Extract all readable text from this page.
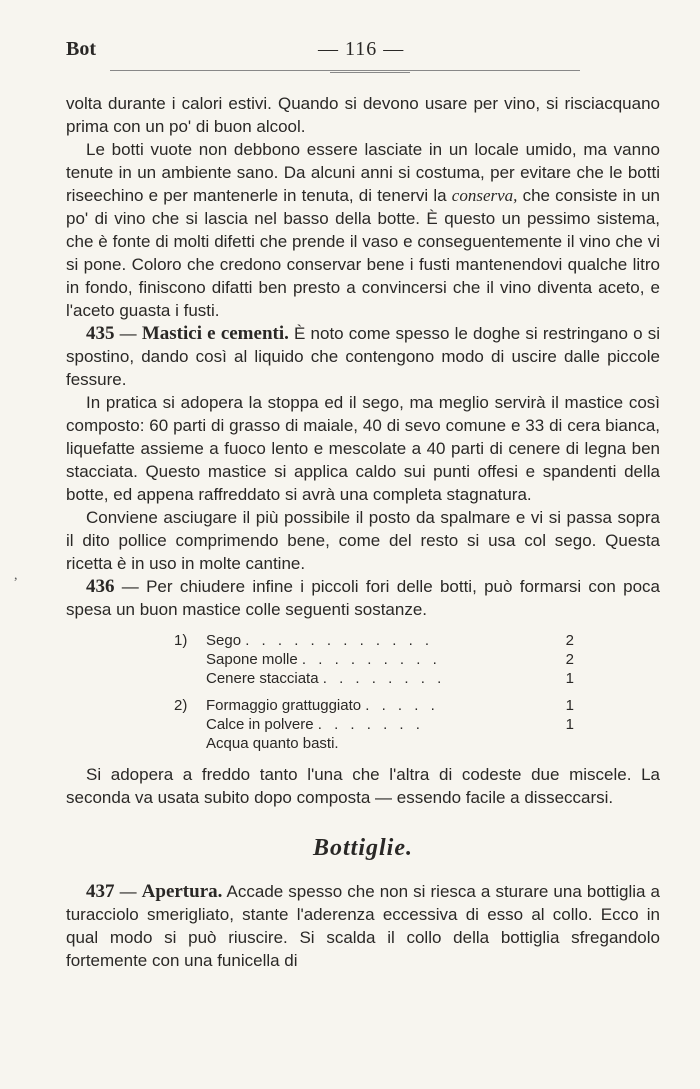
Bot	— 116 —
,

volta durante i calori estivi. Quando si devono usare per vino, si risciacquano prima con un po' di buon alcool.

Le botti vuote non debbono essere lasciate in un locale umido, ma vanno tenute in un ambiente sano. Da alcuni anni si costuma, per evitare che le botti riseechino e per mantenerle in tenuta, di tenervi la conserva, che consiste in un po' di vino che si lascia nel basso della botte. È questo un pessimo sistema, che è fonte di molti difetti che prende il vaso e conseguentemente il vino che vi si pone. Coloro che credono conservar bene i fusti mantenendovi qualche litro in fondo, finiscono difatti ben presto a convincersi che il vino diventa aceto, e l'aceto guasta i fusti.

435 — Mastici e cementi. È noto come spesso le doghe si restringano o si spostino, dando così al liquido che contengono modo di uscire dalle piccole fessure.

In pratica si adopera la stoppa ed il sego, ma meglio servirà il mastice così composto: 60 parti di grasso di maiale, 40 di sevo comune e 33 di cera bianca, liquefatte assieme a fuoco lento e mescolate a 40 parti di cenere di legna ben stacciata. Questo mastice si applica caldo sui punti offesi e spandenti della botte, ed appena raffreddato si avrà una completa stagnatura.

Conviene asciugare il più possibile il posto da spalmare e vi si passa sopra il dito pollice comprimendo bene, come del resto si usa col sego. Questa ricetta è in uso in molte cantine.

436 — Per chiudere infine i piccoli fori delle botti, può formarsi con poca spesa un buon mastice colle seguenti sostanze.

1) Sego . . . . . . . . . . . .	2
Sapone molle . . . . . . . . .	2
Cenere stacciata . . . . . . . .	1
2) Formaggio grattuggiato . . . . .	1
Calce in polvere . . . . . . .	1
Acqua quanto basti.

Si adopera a freddo tanto l'una che l'altra di codeste due miscele. La seconda va usata subito dopo composta — essendo facile a disseccarsi.

Bottiglie.

437 — Apertura. Accade spesso che non si riesca a sturare una bottiglia a turacciolo smerigliato, stante l'aderenza eccessiva di esso al collo. Ecco in qual modo si può riuscire. Si scalda il collo della bottiglia sfregandolo fortemente con una funicella di
